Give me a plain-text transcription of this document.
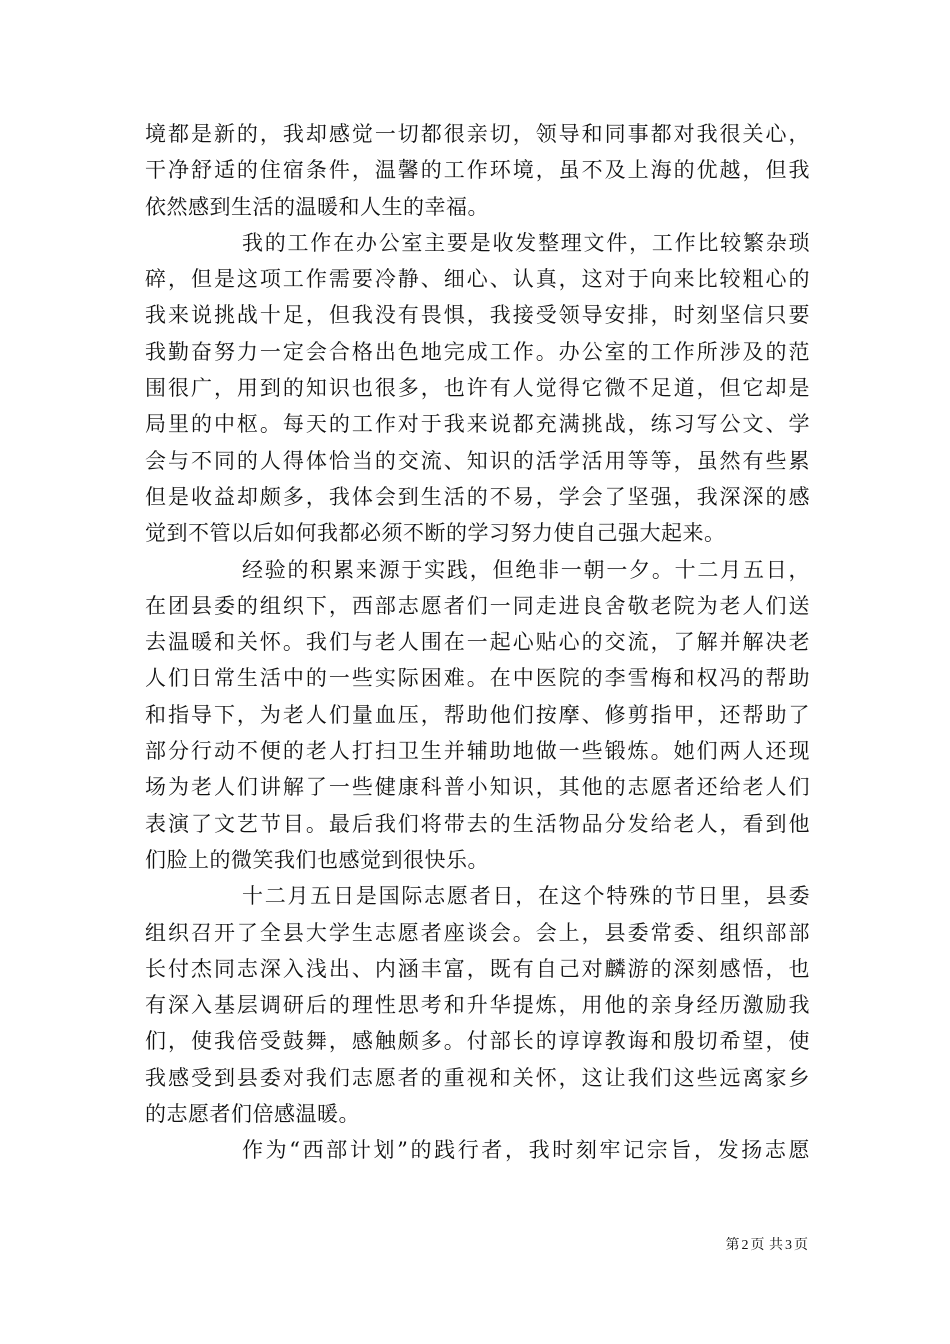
境都是新的，我却感觉一切都很亲切，领导和同事都对我很关心，
干净舒适的住宿条件，温馨的工作环境，虽不及上海的优越，但我
依然感到生活的温暖和人生的幸福。
我的工作在办公室主要是收发整理文件，工作比较繁杂琐
碎，但是这项工作需要冷静、细心、认真，这对于向来比较粗心的
我来说挑战十足，但我没有畏惧，我接受领导安排，时刻坚信只要
我勤奋努力一定会合格出色地完成工作。办公室的工作所涉及的范
围很广，用到的知识也很多，也许有人觉得它微不足道，但它却是
局里的中枢。每天的工作对于我来说都充满挑战，练习写公文、学
会与不同的人得体恰当的交流、知识的活学活用等等，虽然有些累
但是收益却颇多，我体会到生活的不易，学会了坚强，我深深的感
觉到不管以后如何我都必须不断的学习努力使自己强大起来。
经验的积累来源于实践，但绝非一朝一夕。十二月五日，
在团县委的组织下，西部志愿者们一同走进良舍敬老院为老人们送
去温暖和关怀。我们与老人围在一起心贴心的交流，了解并解决老
人们日常生活中的一些实际困难。在中医院的李雪梅和权冯的帮助
和指导下，为老人们量血压，帮助他们按摩、修剪指甲，还帮助了
部分行动不便的老人打扫卫生并辅助地做一些锻炼。她们两人还现
场为老人们讲解了一些健康科普小知识，其他的志愿者还给老人们
表演了文艺节目。最后我们将带去的生活物品分发给老人，看到他
们脸上的微笑我们也感觉到很快乐。
十二月五日是国际志愿者日，在这个特殊的节日里，县委
组织召开了全县大学生志愿者座谈会。会上，县委常委、组织部部
长付杰同志深入浅出、内涵丰富，既有自己对麟游的深刻感悟，也
有深入基层调研后的理性思考和升华提炼，用他的亲身经历激励我
们，使我倍受鼓舞，感触颇多。付部长的谆谆教诲和殷切希望，使
我感受到县委对我们志愿者的重视和关怀，这让我们这些远离家乡
的志愿者们倍感温暖。
作为“西部计划”的践行者，我时刻牢记宗旨，发扬志愿
第 2 页 共 3 页
